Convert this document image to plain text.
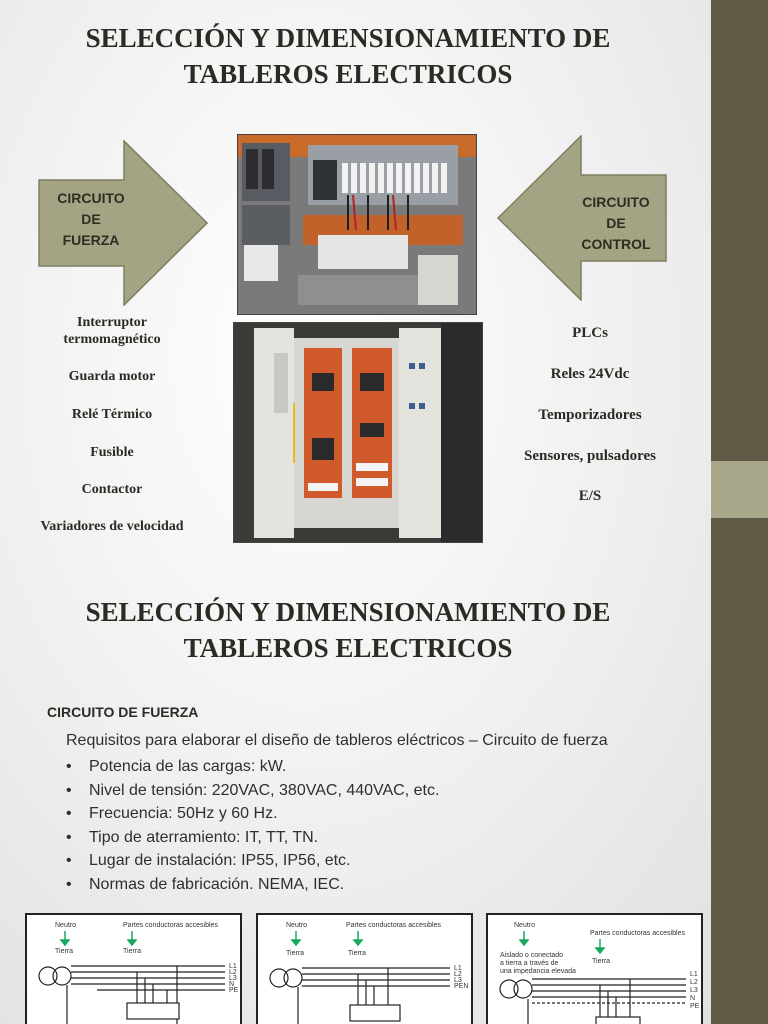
SELECCIÓN Y DIMENSIONAMIENTO DE
TABLEROS ELECTRICOS
CIRCUITO
DE
FUERZA
CIRCUITO
DE
CONTROL
Interruptor
termomagnético
Guarda motor
Relé Térmico
Fusible
Contactor
Variadores de velocidad
PLCs
Reles 24Vdc
Temporizadores
Sensores, pulsadores
E/S
SELECCIÓN Y DIMENSIONAMIENTO DE
TABLEROS ELECTRICOS
CIRCUITO DE FUERZA
Requisitos para elaborar el diseño de tableros eléctricos – Circuito de fuerza
• Potencia de las cargas: kW.
• Nivel de tensión: 220VAC, 380VAC, 440VAC, etc.
• Frecuencia: 50Hz y 60 Hz.
• Tipo de aterramiento: IT, TT, TN.
• Lugar de instalación: IP55, IP56, etc.
• Normas de fabricación. NEMA, IEC.
Neutro	Partes conductoras accesibles
Tierra	Tierra
L1
L2
L3
N
PE
Neutro	Partes conductoras accesibles
Tierra	Tierra
L1
L2
L3
PEN
Neutro
Partes conductoras accesibles
Aislado o conectado
a tierra a través de
una impedancia elevada
Tierra
L1
L2
L3
N
PE
